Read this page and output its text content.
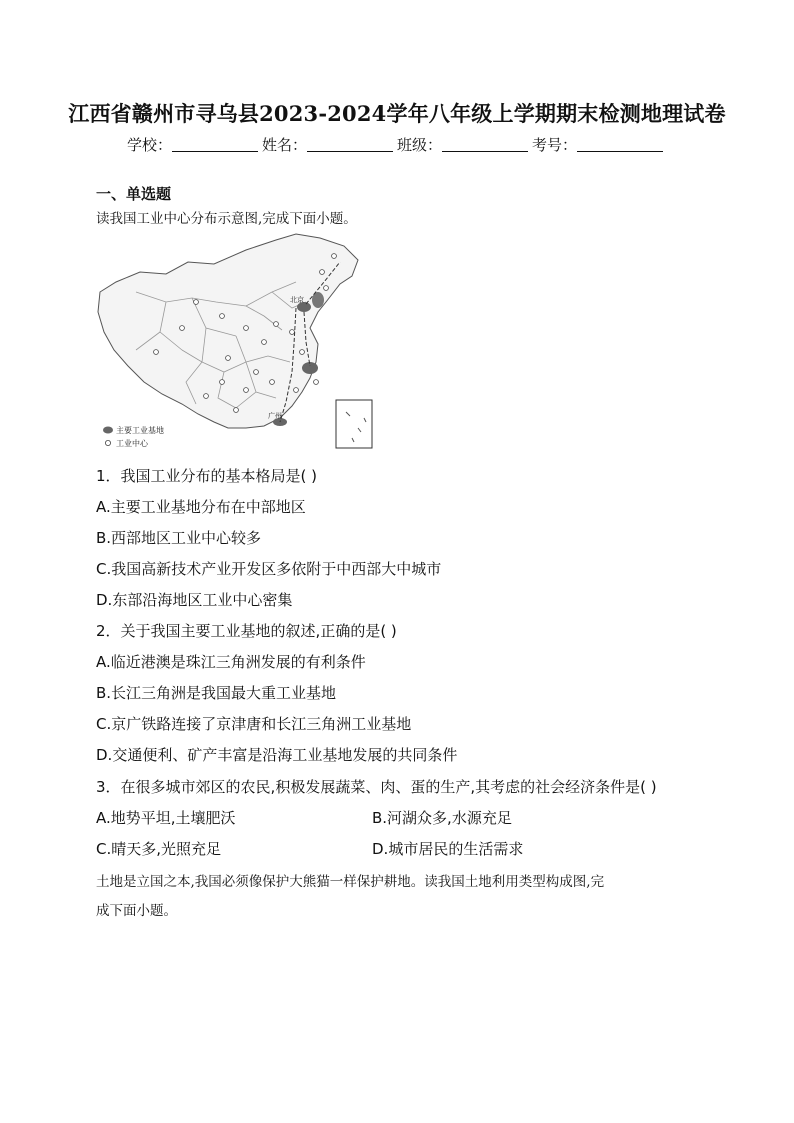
江西省赣州市寻乌县2023-2024学年八年级上学期期末检测地理试卷
学校：	姓名：	班级：	考号：
一、单选题
读我国工业中心分布示意图,完成下面小题。
北京
广州
主要工业基地
工业中心
1．我国工业分布的基本格局是( )
A.主要工业基地分布在中部地区
B.西部地区工业中心较多
C.我国高新技术产业开发区多依附于中西部大中城市
D.东部沿海地区工业中心密集
2．关于我国主要工业基地的叙述,正确的是( )
A.临近港澳是珠江三角洲发展的有利条件
B.长江三角洲是我国最大重工业基地
C.京广铁路连接了京津唐和长江三角洲工业基地
D.交通便利、矿产丰富是沿海工业基地发展的共同条件
3．在很多城市郊区的农民,积极发展蔬菜、肉、蛋的生产,其考虑的社会经济条件是( )
A.地势平坦,土壤肥沃	B.河湖众多,水源充足
C.晴天多,光照充足	D.城市居民的生活需求
土地是立国之本,我国必须像保护大熊猫一样保护耕地。读我国土地利用类型构成图,完
成下面小题。
